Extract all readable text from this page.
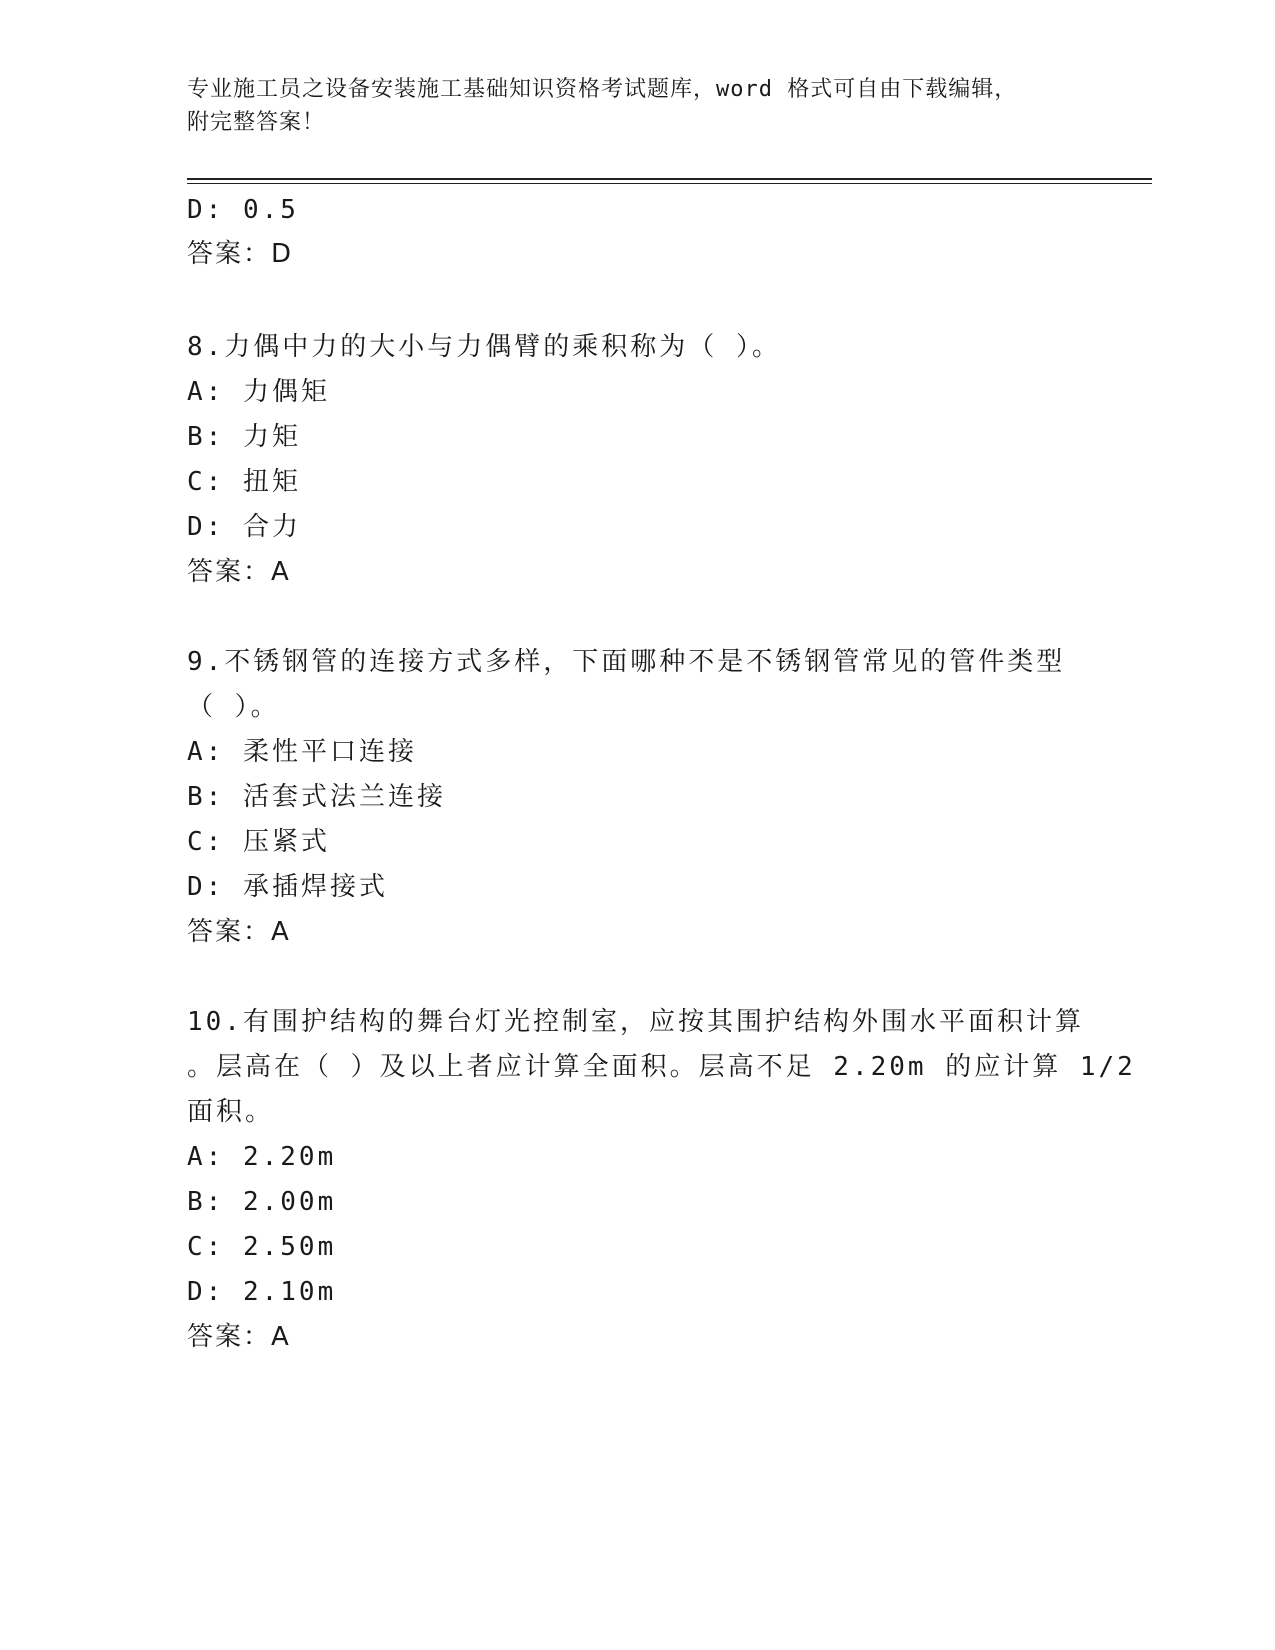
专业施工员之设备安装施工基础知识资格考试题库，word 格式可自由下载编辑，
附完整答案！
D: 0.5
答案：D
8.力偶中力的大小与力偶臂的乘积称为（ ）。
A: 力偶矩
B: 力矩
C: 扭矩
D: 合力
答案：A
9.不锈钢管的连接方式多样，下面哪种不是不锈钢管常见的管件类型
（ ）。
A: 柔性平口连接
B: 活套式法兰连接
C: 压紧式
D: 承插焊接式
答案：A
10.有围护结构的舞台灯光控制室，应按其围护结构外围水平面积计算
。层高在（ ）及以上者应计算全面积。层高不足 2.20m 的应计算 1/2
面积。
A: 2.20m
B: 2.00m
C: 2.50m
D: 2.10m
答案：A
